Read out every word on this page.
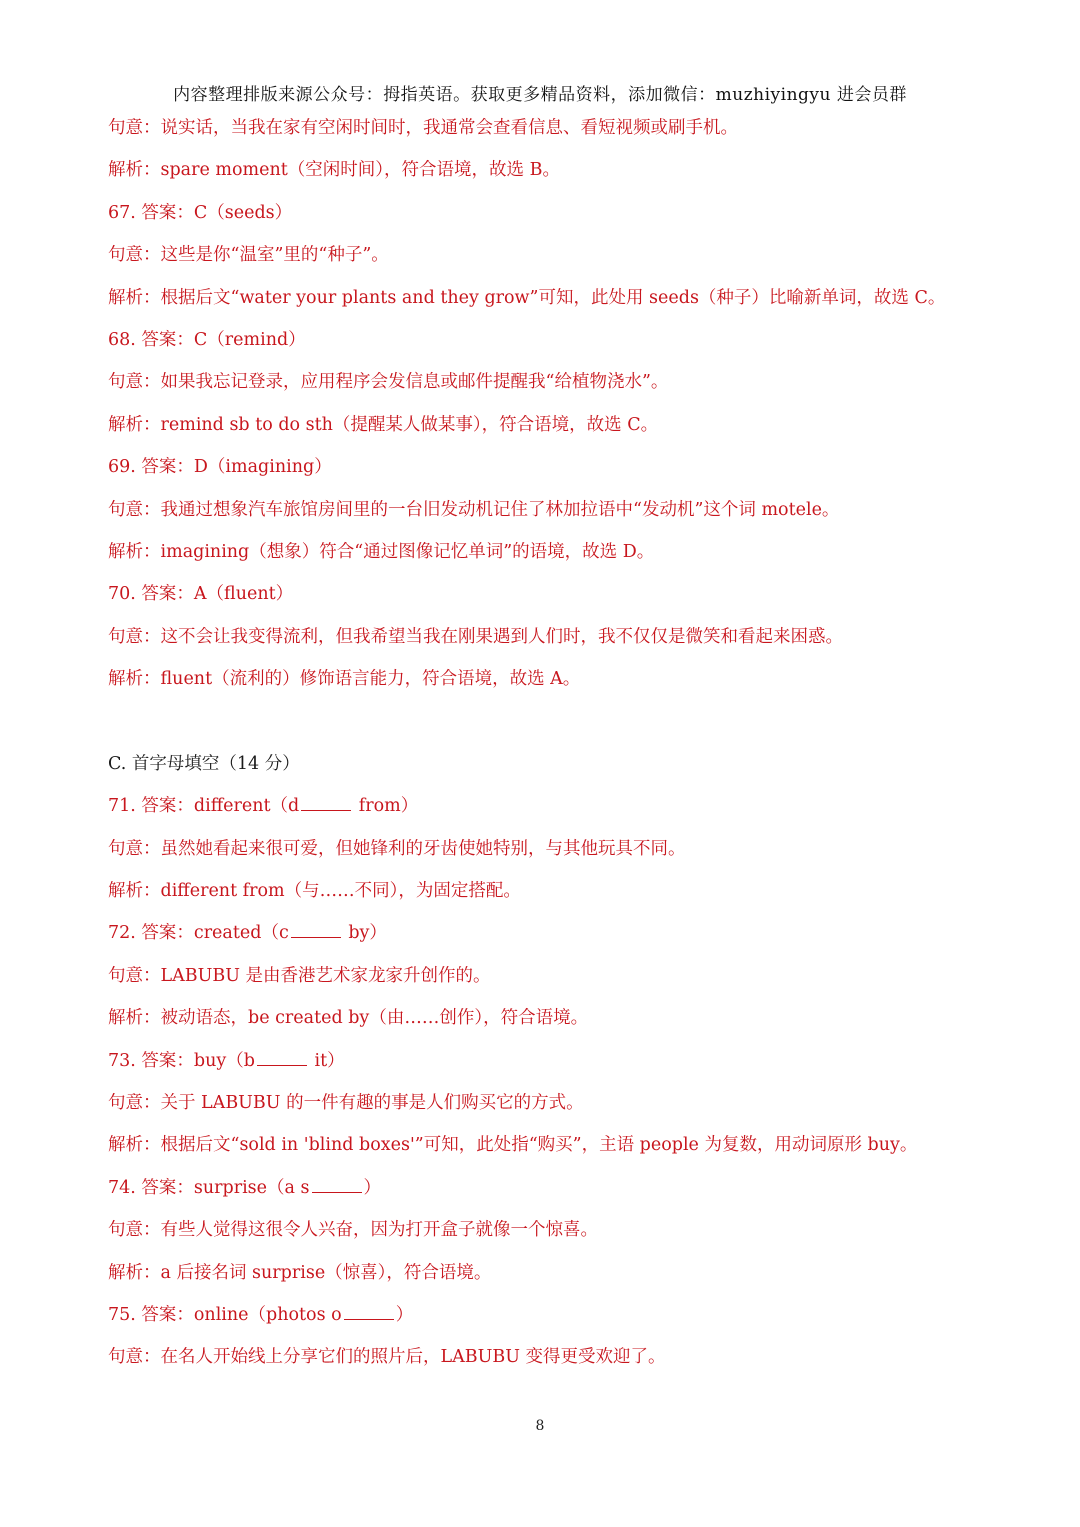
内容整理排版来源公众号：拇指英语。获取更多精品资料，添加微信：muzhiyingyu 进会员群
句意：说实话，当我在家有空闲时间时，我通常会查看信息、看短视频或刷手机。
解析：spare moment（空闲时间），符合语境，故选 B。
67. 答案：C（seeds）
句意：这些是你“温室”里的“种子”。
解析：根据后文“water your plants and they grow”可知，此处用 seeds（种子）比喻新单词，故选 C。
68. 答案：C（remind）
句意：如果我忘记登录，应用程序会发信息或邮件提醒我“给植物浇水”。
解析：remind sb to do sth（提醒某人做某事），符合语境，故选 C。
69. 答案：D（imagining）
句意：我通过想象汽车旅馆房间里的一台旧发动机记住了林加拉语中“发动机”这个词 motele。
解析：imagining（想象）符合“通过图像记忆单词”的语境，故选 D。
70. 答案：A（fluent）
句意：这不会让我变得流利，但我希望当我在刚果遇到人们时，我不仅仅是微笑和看起来困惑。
解析：fluent（流利的）修饰语言能力，符合语境，故选 A。
C. 首字母填空（14 分）
71. 答案：different（d	from）
句意：虽然她看起来很可爱，但她锋利的牙齿使她特别，与其他玩具不同。
解析：different from（与……不同），为固定搭配。
72. 答案：created（c	by）
句意：LABUBU 是由香港艺术家龙家升创作的。
解析：被动语态，be created by（由……创作），符合语境。
73. 答案：buy（b	it）
句意：关于 LABUBU 的一件有趣的事是人们购买它的方式。
解析：根据后文“sold in 'blind boxes'”可知，此处指“购买”，主语 people 为复数，用动词原形 buy。
74. 答案：surprise（a s	）
句意：有些人觉得这很令人兴奋，因为打开盒子就像一个惊喜。
解析：a 后接名词 surprise（惊喜），符合语境。
75. 答案：online（photos o	）
句意：在名人开始线上分享它们的照片后，LABUBU 变得更受欢迎了。
8
